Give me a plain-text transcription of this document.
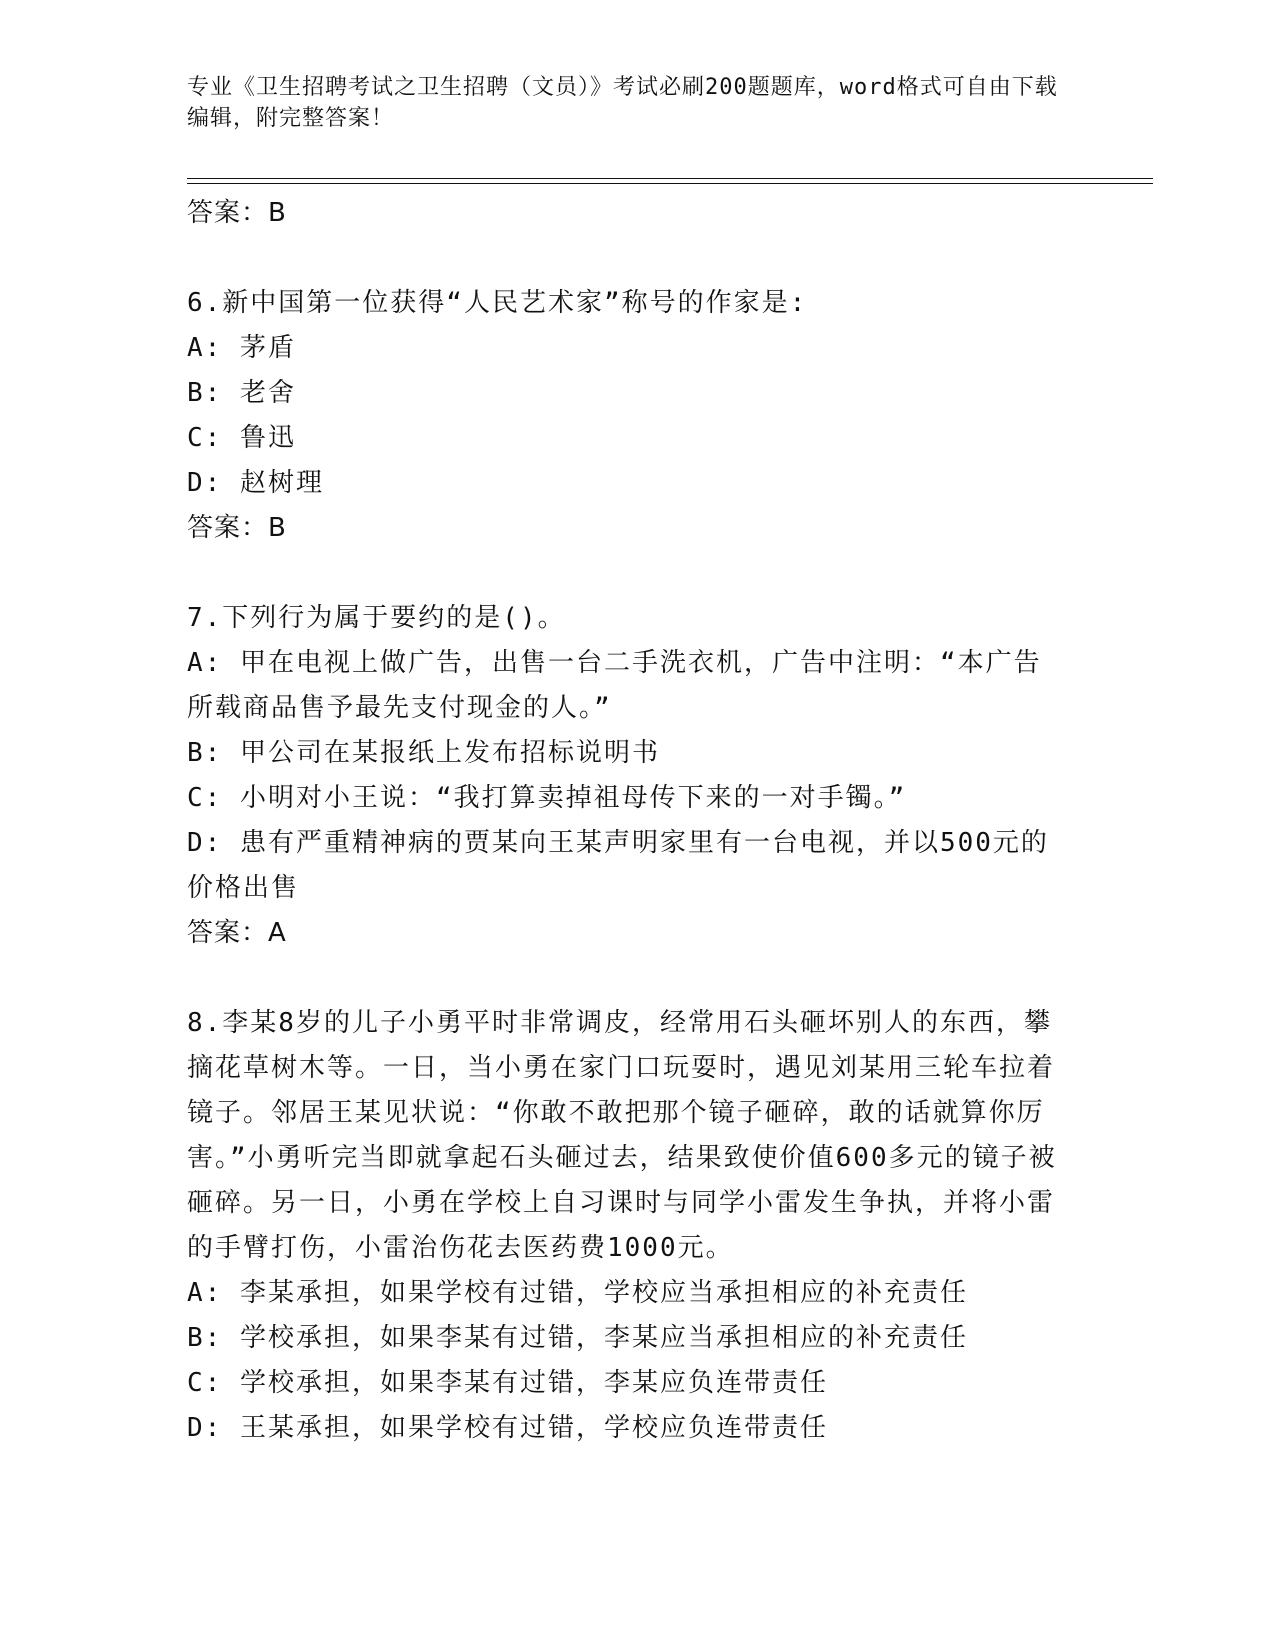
专业《卫生招聘考试之卫生招聘（文员）》考试必刷200题题库，word格式可自由下载编辑，附完整答案！
答案：B
6.新中国第一位获得“人民艺术家”称号的作家是:
A: 茅盾
B: 老舍
C: 鲁迅
D: 赵树理
答案：B
7.下列行为属于要约的是()。
A: 甲在电视上做广告，出售一台二手洗衣机，广告中注明：“本广告所载商品售予最先支付现金的人。”
B: 甲公司在某报纸上发布招标说明书
C: 小明对小王说：“我打算卖掉祖母传下来的一对手镯。”
D: 患有严重精神病的贾某向王某声明家里有一台电视，并以500元的价格出售
答案：A
8.李某8岁的儿子小勇平时非常调皮，经常用石头砸坏别人的东西，攀摘花草树木等。一日，当小勇在家门口玩耍时，遇见刘某用三轮车拉着镜子。邻居王某见状说：“你敢不敢把那个镜子砸碎，敢的话就算你厉害。”小勇听完当即就拿起石头砸过去，结果致使价值600多元的镜子被砸碎。另一日，小勇在学校上自习课时与同学小雷发生争执，并将小雷的手臂打伤，小雷治伤花去医药费1000元。
A: 李某承担，如果学校有过错，学校应当承担相应的补充责任
B: 学校承担，如果李某有过错，李某应当承担相应的补充责任
C: 学校承担，如果李某有过错，李某应负连带责任
D: 王某承担，如果学校有过错，学校应负连带责任
